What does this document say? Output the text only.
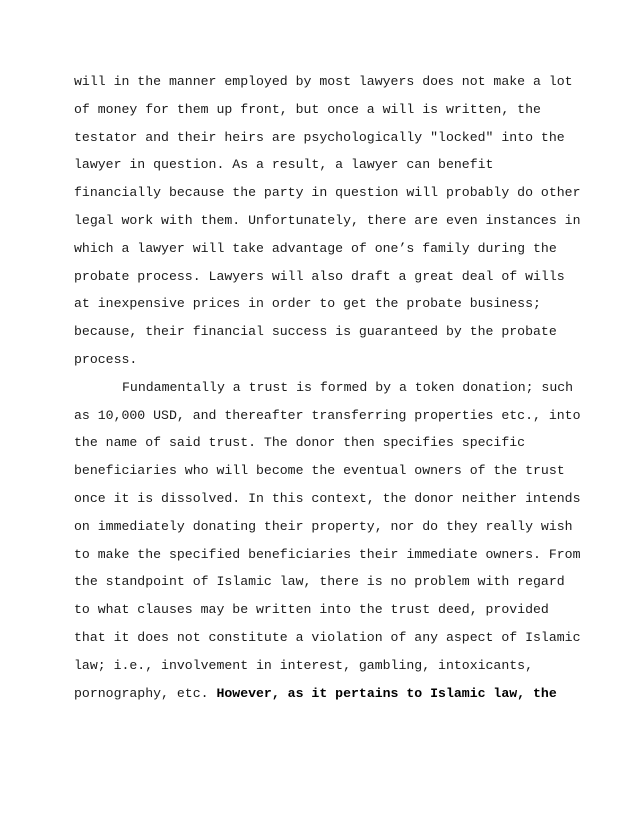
will in the manner employed by most lawyers does not make a lot
of money for them up front, but once a will is written, the
testator and their heirs are psychologically "locked" into the
lawyer in question. As a result, a lawyer can benefit
financially because the party in question will probably do other
legal work with them. Unfortunately, there are even instances in
which a lawyer will take advantage of one’s family during the
probate process. Lawyers will also draft a great deal of wills
at inexpensive prices in order to get the probate business;
because, their financial success is guaranteed by the probate
process.
Fundamentally a trust is formed by a token donation; such
as 10,000 USD, and thereafter transferring properties etc., into
the name of said trust. The donor then specifies specific
beneficiaries who will become the eventual owners of the trust
once it is dissolved. In this context, the donor neither intends
on immediately donating their property, nor do they really wish
to make the specified beneficiaries their immediate owners. From
the standpoint of Islamic law, there is no problem with regard
to what clauses may be written into the trust deed, provided
that it does not constitute a violation of any aspect of Islamic
law; i.e., involvement in interest, gambling, intoxicants,
pornography, etc. However, as it pertains to Islamic law, the
